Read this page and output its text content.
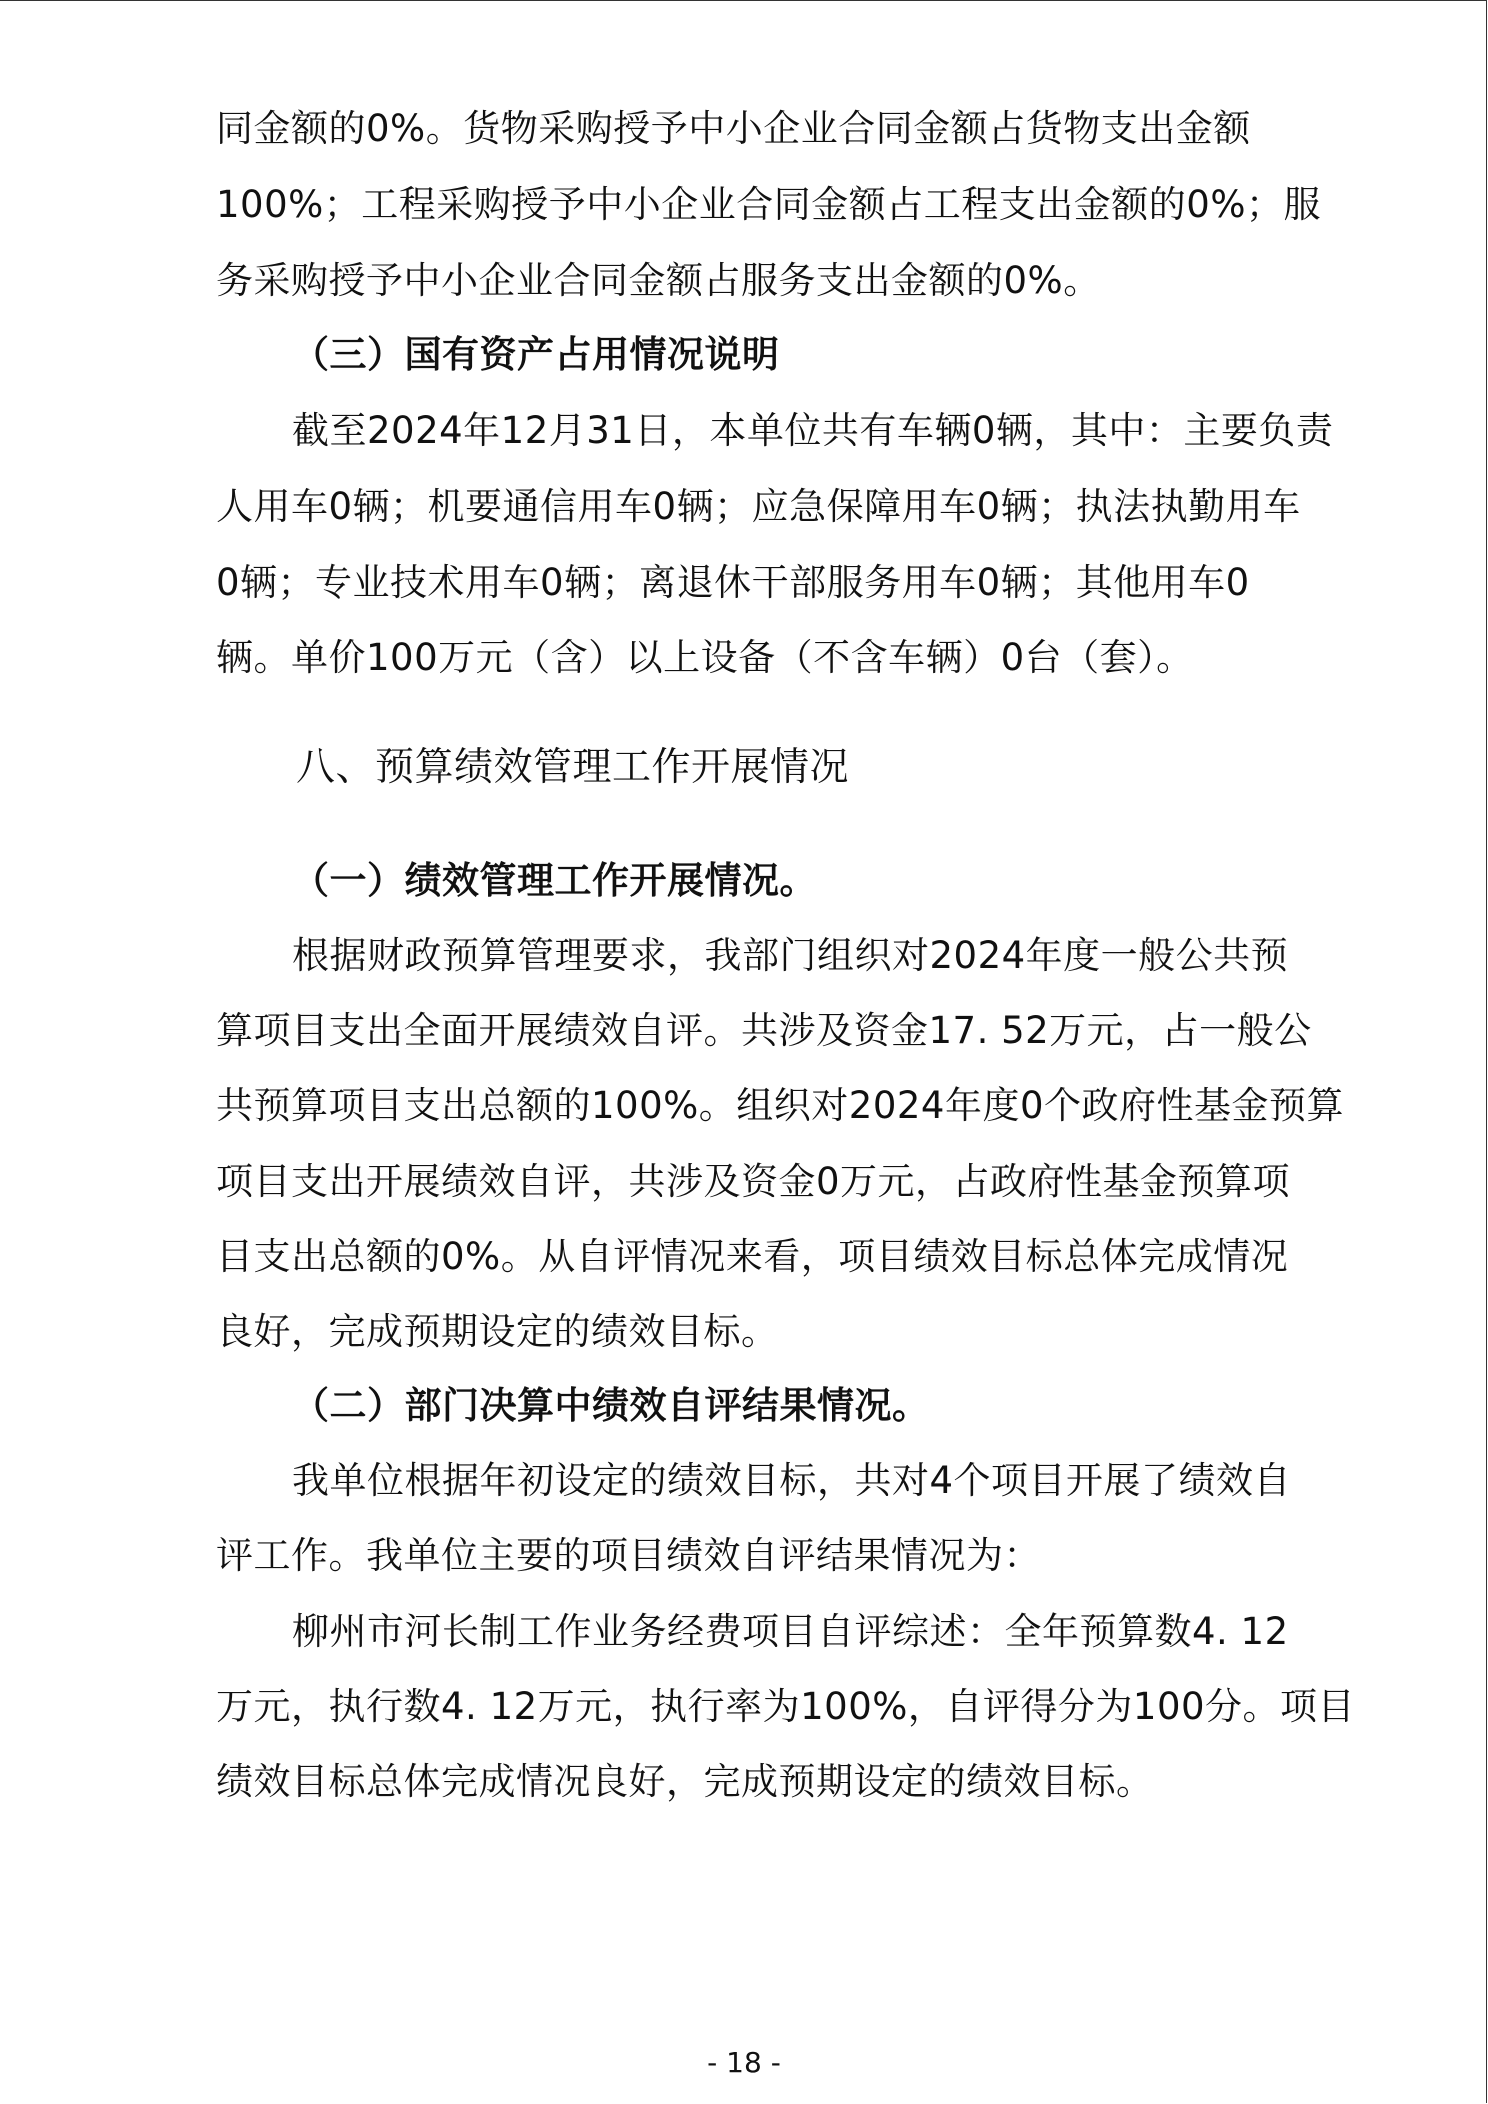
同金额的0%。货物采购授予中小企业合同金额占货物支出金额
100%；工程采购授予中小企业合同金额占工程支出金额的0%；服
务采购授予中小企业合同金额占服务支出金额的0%。
（三）国有资产占用情况说明
截至2024年12月31日，本单位共有车辆0辆，其中：主要负责
人用车0辆；机要通信用车0辆；应急保障用车0辆；执法执勤用车
0辆；专业技术用车0辆；离退休干部服务用车0辆；其他用车0
辆。单价100万元（含）以上设备（不含车辆）0台（套）。
八、预算绩效管理工作开展情况
（一）绩效管理工作开展情况。
根据财政预算管理要求，我部门组织对2024年度一般公共预
算项目支出全面开展绩效自评。共涉及资金17. 52万元，占一般公
共预算项目支出总额的100%。组织对2024年度0个政府性基金预算
项目支出开展绩效自评，共涉及资金0万元，占政府性基金预算项
目支出总额的0%。从自评情况来看，项目绩效目标总体完成情况
良好，完成预期设定的绩效目标。
（二）部门决算中绩效自评结果情况。
我单位根据年初设定的绩效目标，共对4个项目开展了绩效自
评工作。我单位主要的项目绩效自评结果情况为：
柳州市河长制工作业务经费项目自评综述：全年预算数4. 12
万元，执行数4. 12万元，执行率为100%，自评得分为100分。项目
绩效目标总体完成情况良好，完成预期设定的绩效目标。
- 18 -
